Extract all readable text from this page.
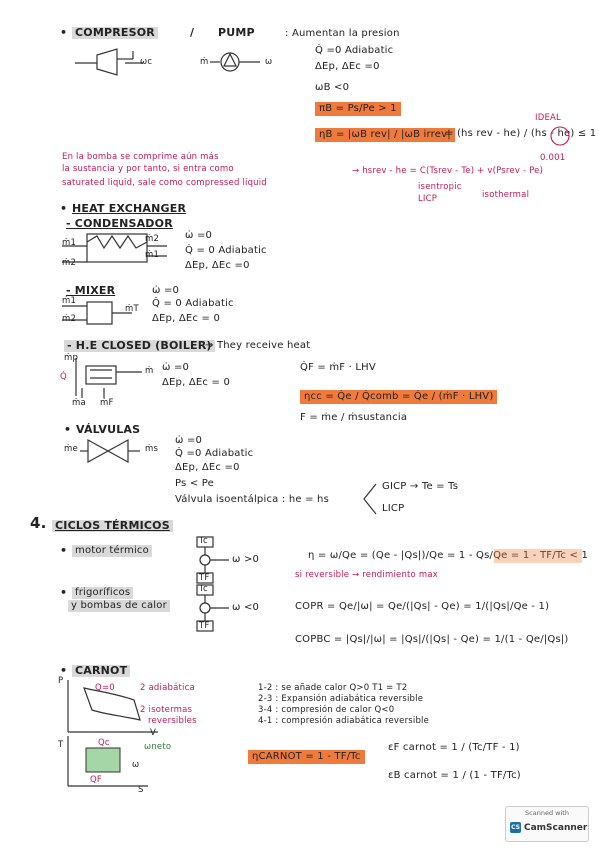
• COMPRESOR	/ PUMP	: Aumentan la presion
ωc	ṁ	ω
Q̇ =0 Adiabatic
ΔEp, ΔEc =0
ωB <0
πB = Ps/Pe > 1
ηB = |ωB rev| / |ωB irrev|
= (hs rev - he) / (hs - he) ≤ 1
IDEAL
En la bomba se comprime aún más
la sustancia y por tanto, si entra como
saturated liquid, sale como compressed liquid
→ hsrev - he = C(Tsrev - Te) + v(Psrev - Pe)
0.001
isentropic
LICP	isothermal
• HEAT EXCHANGER
- CONDENSADOR
ṁ1
ṁ2
ṁ2
ṁ1
ω̇ =0
Q̇ = 0 Adiabatic
ΔEp, ΔEc =0
- MIXER
ṁ1
ṁ2
ṁT
ω̇ =0
Q̇ = 0 Adiabatic
ΔEp, ΔEc = 0
- H.E CLOSED (BOILER)
→ They receive heat
ṁp
Q̇
ṁ
ṁa ṁF
ω̇ =0
ΔEp, ΔEc = 0
Q̇F = ṁF · LHV
ηcc = Q̇e / Q̇comb = Q̇e / (ṁF · LHV)
F = ṁe / ṁsustancia
• VÁLVULAS
ṁe	ṁs
ω̇ =0
Q̇ =0 Adiabatic
ΔEp, ΔEc =0
Ps < Pe
Válvula isoentálpica : he = hs
GICP → Te = Ts
LICP
4. CICLOS TÉRMICOS
• motor térmico
Tc
TF
ω >0	η = ω/Qe = (Qe - |Qs|)/Qe = 1 - Qs/Qe = 1 - TF/Tc < 1
si reversible → rendimiento max
• frigoríficos
y bombas de calor
Tc
TF
ω <0	COPR = Qe/|ω| = Qe/(|Qs| - Qe) = 1/(|Qs|/Qe - 1)
COPBC = |Qs|/|ω| = |Qs|/(|Qs| - Qe) = 1/(1 - Qe/|Qs|)
• CARNOT
P
V
Q=0	2 adiabática
2 isotermas
reversibles
1-2 : se añade calor Q>0 T1 = T2
2-3 : Expansión adiabática reversible
3-4 : compresión de calor Q<0
4-1 : compresión adiabática reversible
T
S
Qc
QF
ω
ωneto
ηCARNOT = 1 - TF/Tc
εF carnot = 1 / (Tc/TF - 1)
εB carnot = 1 / (1 - TF/Tc)
Scanned with
CS CamScanner
